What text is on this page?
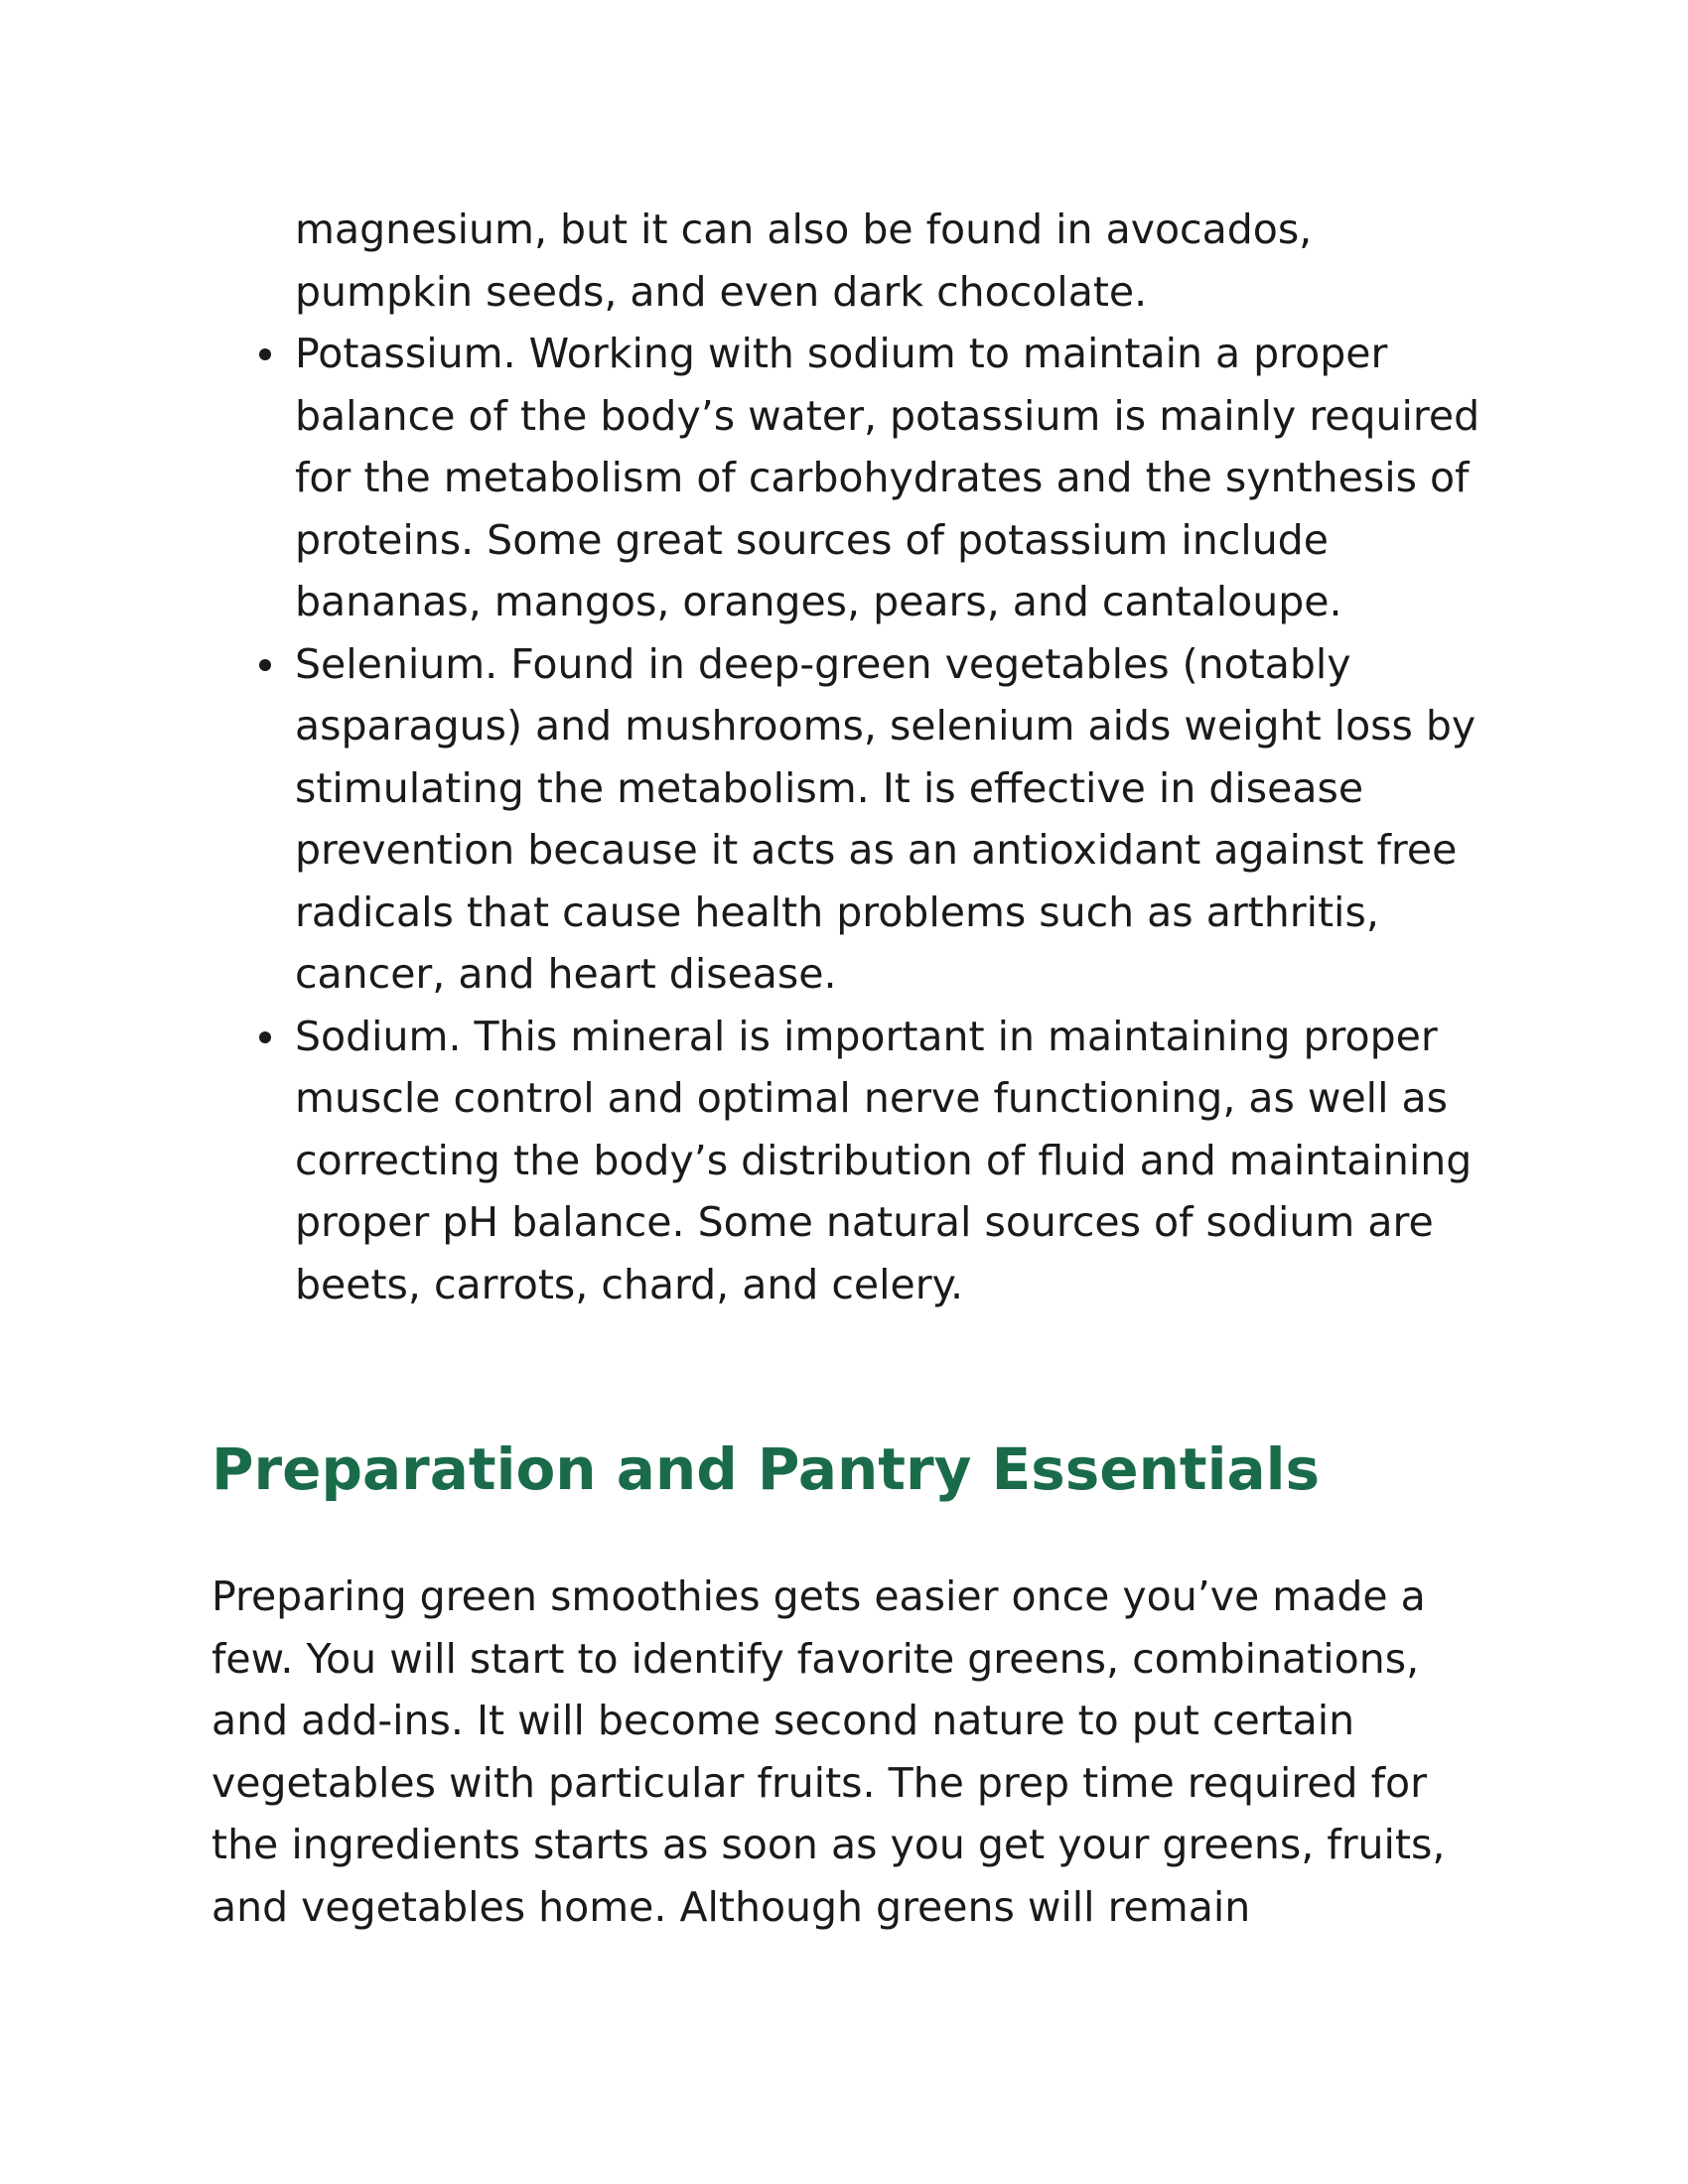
magnesium, but it can also be found in avocados, pumpkin seeds, and even dark chocolate.

Potassium. Working with sodium to maintain a proper balance of the body’s water, potassium is mainly required for the metabolism of carbohydrates and the synthesis of proteins. Some great sources of potassium include bananas, mangos, oranges, pears, and cantaloupe.
Selenium. Found in deep-green vegetables (notably asparagus) and mushrooms, selenium aids weight loss by stimulating the metabolism. It is effective in disease prevention because it acts as an antioxidant against free radicals that cause health problems such as arthritis, cancer, and heart disease.
Sodium. This mineral is important in maintaining proper muscle control and optimal nerve functioning, as well as correcting the body’s distribution of fluid and maintaining proper pH balance. Some natural sources of sodium are beets, carrots, chard, and celery.
Preparation and Pantry Essentials

Preparing green smoothies gets easier once you’ve made a few. You will start to identify favorite greens, combinations, and add-ins. It will become second nature to put certain vegetables with particular fruits. The prep time required for the ingredients starts as soon as you get your greens, fruits, and vegetables home. Although greens will remain
